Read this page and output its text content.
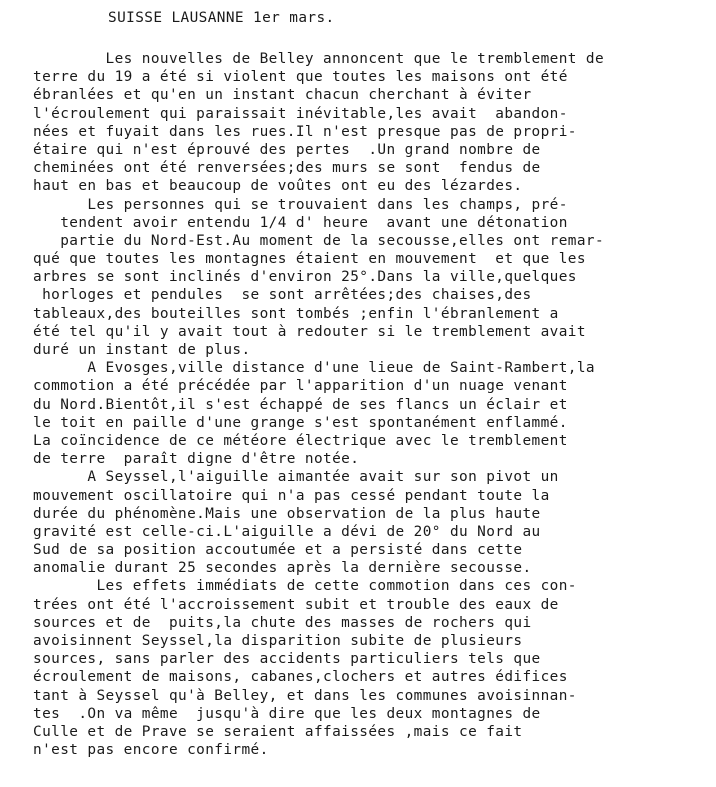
SUISSE LAUSANNE 1er mars.
Les nouvelles de Belley annoncent que le tremblement de
terre du 19 a été si violent que toutes les maisons ont été
ébranlées et qu'en un instant chacun cherchant à éviter
l'écroulement qui paraissait inévitable,les avait  abandon-
nées et fuyait dans les rues.Il n'est presque pas de propri-
étaire qui n'est éprouvé des pertes  .Un grand nombre de
cheminées ont été renversées;des murs se sont  fendus de
haut en bas et beaucoup de voûtes ont eu des lézardes.
Les personnes qui se trouvaient dans les champs, pré-
tendent avoir entendu 1/4 d' heure  avant une détonation
partie du Nord-Est.Au moment de la secousse,elles ont remar-
qué que toutes les montagnes étaient en mouvement  et que les
arbres se sont inclinés d'environ 25°.Dans la ville,quelques
horloges et pendules  se sont arrêtées;des chaises,des
tableaux,des bouteilles sont tombés ;enfin l'ébranlement a
été tel qu'il y avait tout à redouter si le tremblement avait
duré un instant de plus.
A Evosges,ville distance d'une lieue de Saint-Rambert,la
commotion a été précédée par l'apparition d'un nuage venant
du Nord.Bientôt,il s'est échappé de ses flancs un éclair et
le toit en paille d'une grange s'est spontanément enflammé.
La coïncidence de ce météore électrique avec le tremblement
de terre  paraît digne d'être notée.
A Seyssel,l'aiguille aimantée avait sur son pivot un
mouvement oscillatoire qui n'a pas cessé pendant toute la
durée du phénomène.Mais une observation de la plus haute
gravité est celle-ci.L'aiguille a dévi de 20° du Nord au
Sud de sa position accoutumée et a persisté dans cette
anomalie durant 25 secondes après la dernière secousse.
Les effets immédiats de cette commotion dans ces con-
trées ont été l'accroissement subit et trouble des eaux de
sources et de  puits,la chute des masses de rochers qui
avoisinnent Seyssel,la disparition subite de plusieurs
sources, sans parler des accidents particuliers tels que
écroulement de maisons, cabanes,clochers et autres édifices
tant à Seyssel qu'à Belley, et dans les communes avoisinnan-
tes  .On va même  jusqu'à dire que les deux montagnes de
Culle et de Prave se seraient affaissées ,mais ce fait
n'est pas encore confirmé.
